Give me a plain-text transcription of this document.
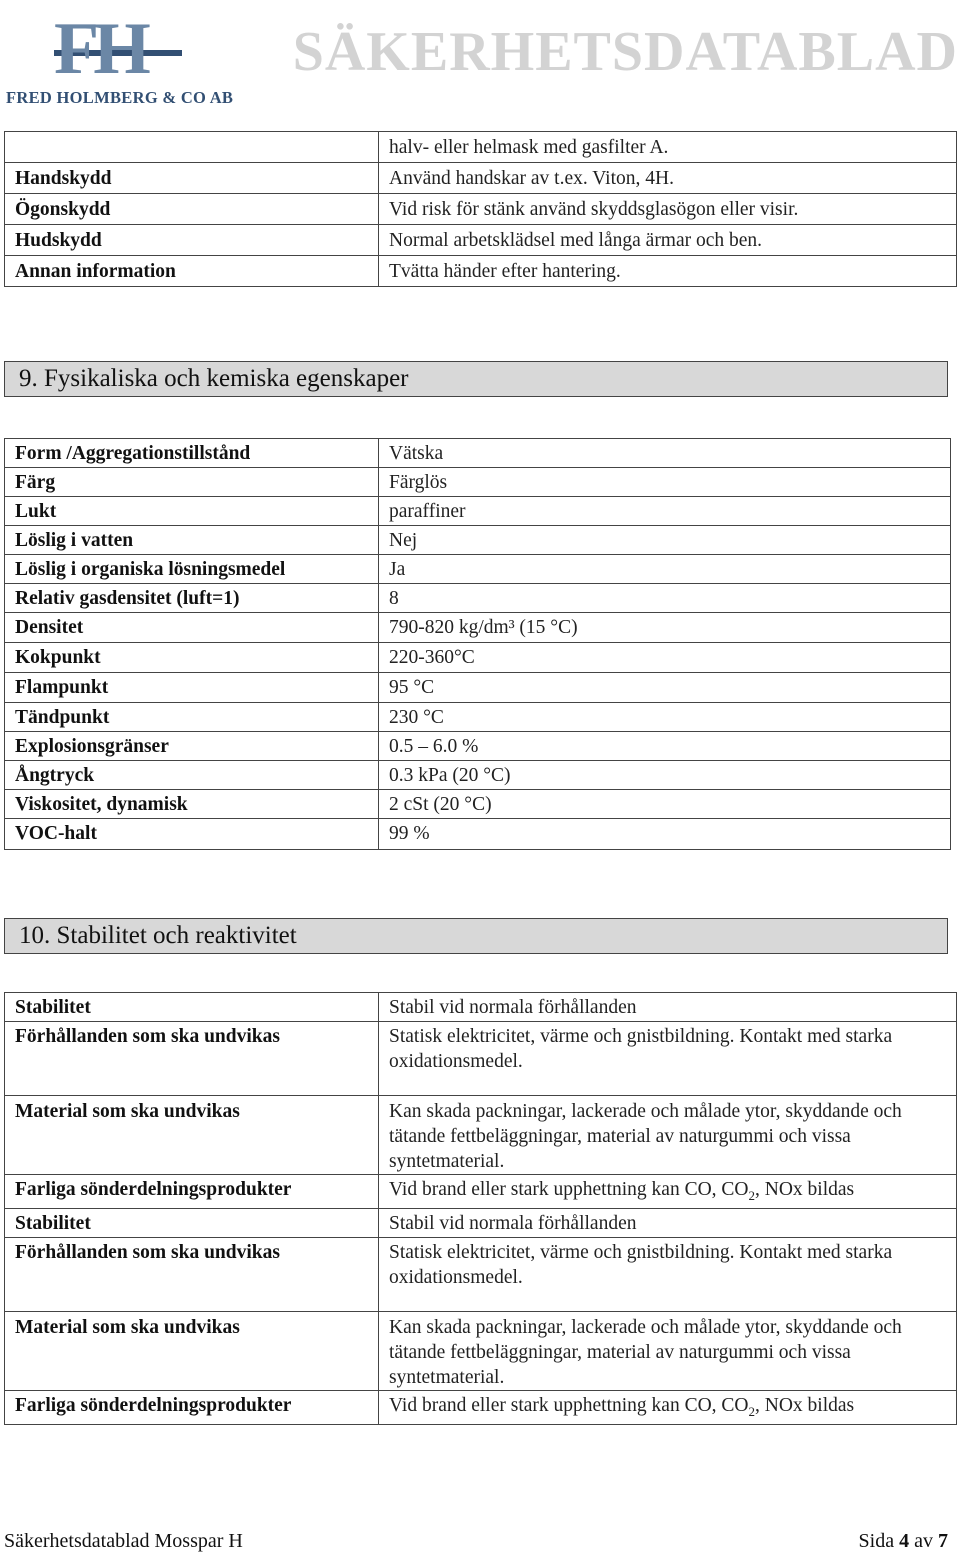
FH
FRED HOLMBERG & CO AB
SÄKERHETSDATABLAD
	halv- eller helmask med gasfilter A.
Handskydd	Använd handskar av t.ex. Viton, 4H.
Ögonskydd	Vid risk för stänk använd skyddsglasögon eller visir.
Hudskydd	Normal arbetsklädsel med långa ärmar och ben.
Annan information	Tvätta händer efter hantering.
9. Fysikaliska och kemiska egenskaper
Form /Aggregationstillstånd	Vätska
Färg	Färglös
Lukt	paraffiner
Löslig i vatten	Nej
Löslig i organiska lösningsmedel	Ja
Relativ gasdensitet (luft=1)	8
Densitet	790-820 kg/dm³ (15 °C)
Kokpunkt	220-360°C
Flampunkt	95 °C
Tändpunkt	230 °C
Explosionsgränser	0.5 – 6.0 %
Ångtryck	0.3 kPa (20 °C)
Viskositet, dynamisk	2 cSt (20 °C)
VOC-halt	99 %
10. Stabilitet och reaktivitet
Stabilitet	Stabil vid normala förhållanden
Förhållanden som ska undvikas	Statisk elektricitet, värme och gnistbildning. Kontakt med starka oxidationsmedel.
Material som ska undvikas	Kan skada packningar, lackerade och målade ytor, skyddande och tätande fettbeläggningar, material av naturgummi och vissa syntetmaterial.
Farliga sönderdelningsprodukter	Vid brand eller stark upphettning kan CO, $CO_2$, NOx bildas
Stabilitet	Stabil vid normala förhållanden
Förhållanden som ska undvikas	Statisk elektricitet, värme och gnistbildning. Kontakt med starka oxidationsmedel.
Material som ska undvikas	Kan skada packningar, lackerade och målade ytor, skyddande och tätande fettbeläggningar, material av naturgummi och vissa syntetmaterial.
Farliga sönderdelningsprodukter	Vid brand eller stark upphettning kan CO, $CO_2$, NOx bildas
Säkerhetsdatablad Mosspar H	Sida 4 av 7
